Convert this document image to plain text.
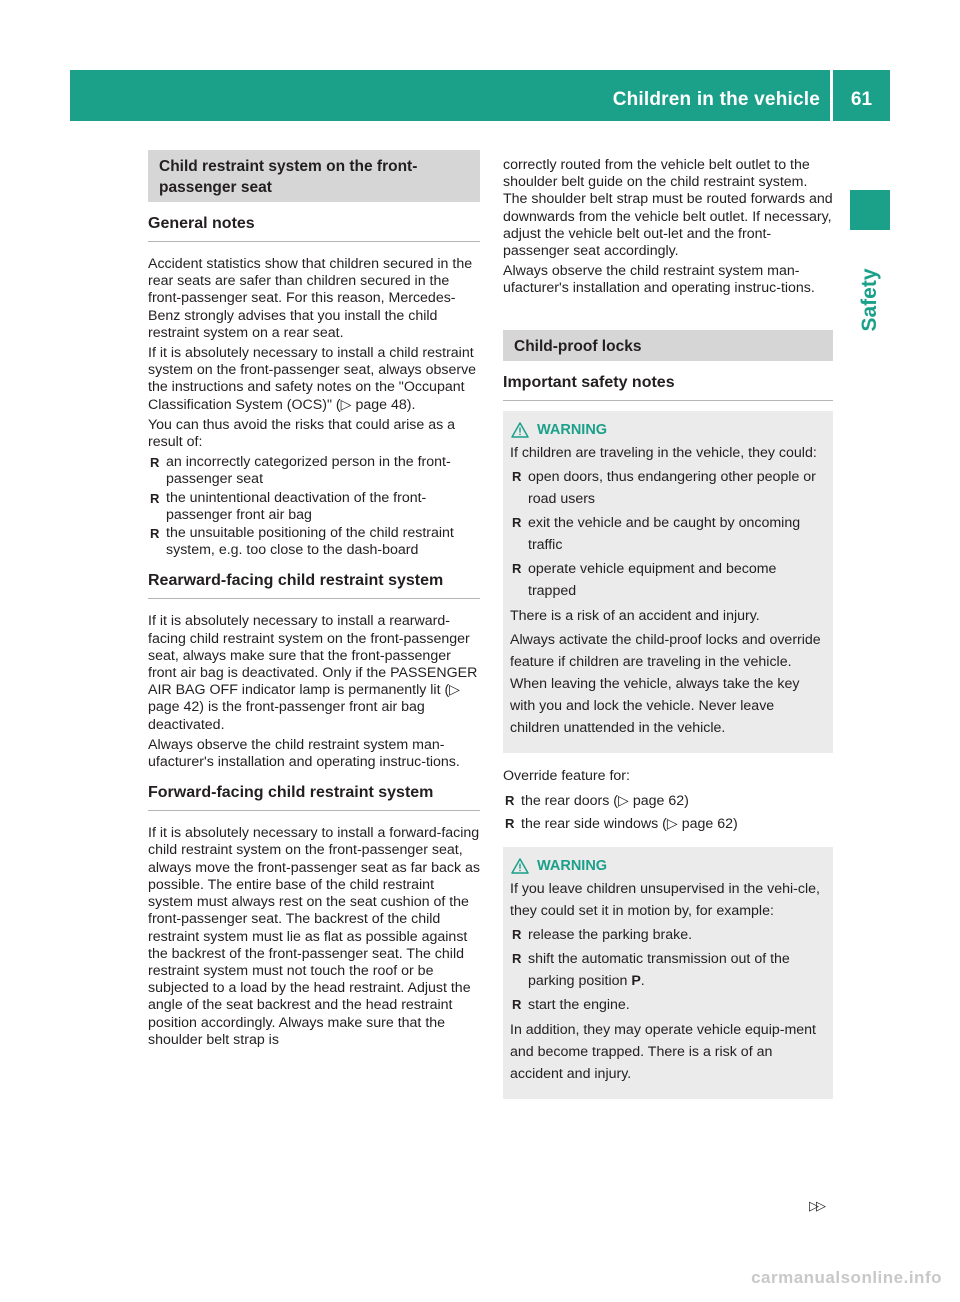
Children in the vehicle	61
Safety
Child restraint system on the front-
passenger seat
General notes

Accident statistics show that children secured in the rear seats are safer than children secured in the front-passenger seat. For this reason, Mercedes-Benz strongly advises that you install the child restraint system on a rear seat.

If it is absolutely necessary to install a child restraint system on the front-passenger seat, always observe the instructions and safety notes on the "Occupant Classification System (OCS)" (▷ page 48).

You can thus avoid the risks that could arise as a result of:

R an incorrectly categorized person in the front-passenger seat
R the unintentional deactivation of the front-passenger front air bag
R the unsuitable positioning of the child restraint system, e.g. too close to the dash-board
Rearward-facing child restraint system

If it is absolutely necessary to install a rearward-facing child restraint system on the front-passenger seat, always make sure that the front-passenger front air bag is deactivated. Only if the PASSENGER AIR BAG OFF indicator lamp is permanently lit (▷ page 42) is the front-passenger front air bag deactivated.

Always observe the child restraint system man-ufacturer's installation and operating instruc-tions.

Forward-facing child restraint system

If it is absolutely necessary to install a forward-facing child restraint system on the front-passenger seat, always move the front-passenger seat as far back as possible. The entire base of the child restraint system must always rest on the seat cushion of the front-passenger seat. The backrest of the child restraint system must lie as flat as possible against the backrest of the front-passenger seat. The child restraint system must not touch the roof or be subjected to a load by the head restraint. Adjust the angle of the seat backrest and the head restraint position accordingly. Always make sure that the shoulder belt strap is

correctly routed from the vehicle belt outlet to the shoulder belt guide on the child restraint system. The shoulder belt strap must be routed forwards and downwards from the vehicle belt outlet. If necessary, adjust the vehicle belt out-let and the front-passenger seat accordingly.

Always observe the child restraint system man-ufacturer's installation and operating instruc-tions.

Child-proof locks
Important safety notes
WARNING

If children are traveling in the vehicle, they could:

R open doors, thus endangering other people or road users
R exit the vehicle and be caught by oncoming traffic
R operate vehicle equipment and become trapped

There is a risk of an accident and injury.

Always activate the child-proof locks and override feature if children are traveling in the vehicle. When leaving the vehicle, always take the key with you and lock the vehicle. Never leave children unattended in the vehicle.

Override feature for:

R the rear doors (▷ page 62)
R the rear side windows (▷ page 62)
WARNING

If you leave children unsupervised in the vehi-cle, they could set it in motion by, for example:

R release the parking brake.
R shift the automatic transmission out of the parking position P.
R start the engine.

In addition, they may operate vehicle equip-ment and become trapped. There is a risk of an accident and injury.

▷▷
carmanualsonline.info
